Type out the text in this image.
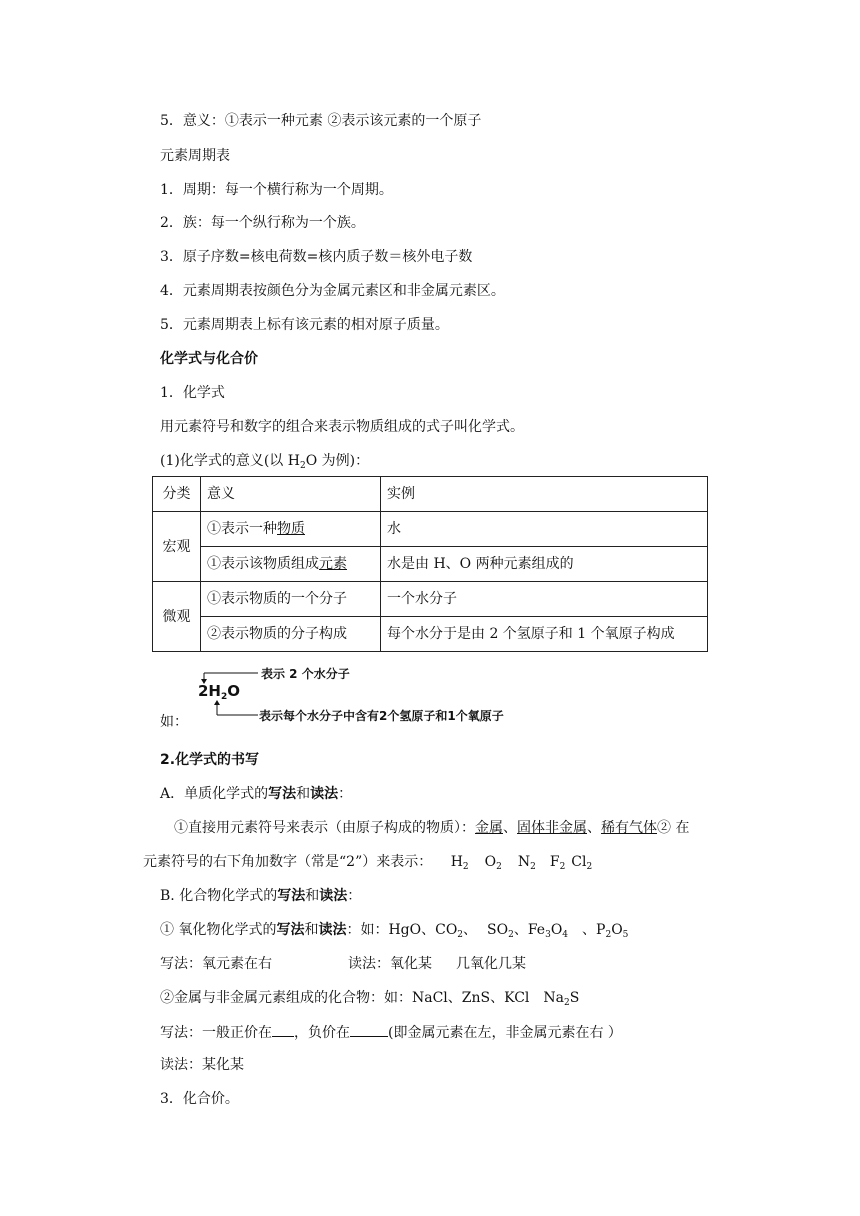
5．意义：①表示一种元素 ②表示该元素的一个原子
元素周期表
1．周期：每一个横行称为一个周期。
2．族：每一个纵行称为一个族。
3．原子序数=核电荷数=核内质子数＝核外电子数
4．元素周期表按颜色分为金属元素区和非金属元素区。
5．元素周期表上标有该元素的相对原子质量。
化学式与化合价
1．化学式
用元素符号和数字的组合来表示物质组成的式子叫化学式。
(1)化学式的意义(以 $H_2O$ 为例)：
分类	意义	实例
宏观	①表示一种物质	水
	①表示该物质组成元素	水是由 H、O 两种元素组成的
微观	①表示物质的一个分子	一个水分子
	②表示物质的分子构成	每个水分于是由 2 个氢原子和 1 个氧原子构成
表示 2 个水分子
$2H_2O$
表示每个水分子中含有2个氢原子和1个氧原子
如：
2.化学式的书写
A．单质化学式的写法和读法：
①直接用元素符号来表示（由原子构成的物质）：金属、固体非金属、稀有气体② 在
元素符号的右下角加数字（常是“2”）来表示： $H_2$ $O_2$ $N_2$ $F_2$ $Cl_2$
B. 化合物化学式的写法和读法：
① 氧化物化学式的写法和读法：如：HgO、$CO_2$、 $SO_2$、$Fe_3O_4$ 、$P_2O_5$
写法：氧元素在右	读法：氧化某 几氧化几某
②金属与非金属元素组成的化合物：如：NaCl、ZnS、KCl $Na_2S$
写法：一般正价在 ，负价在	(即金属元素在左，非金属元素在右 ）
读法：某化某
3．化合价。
